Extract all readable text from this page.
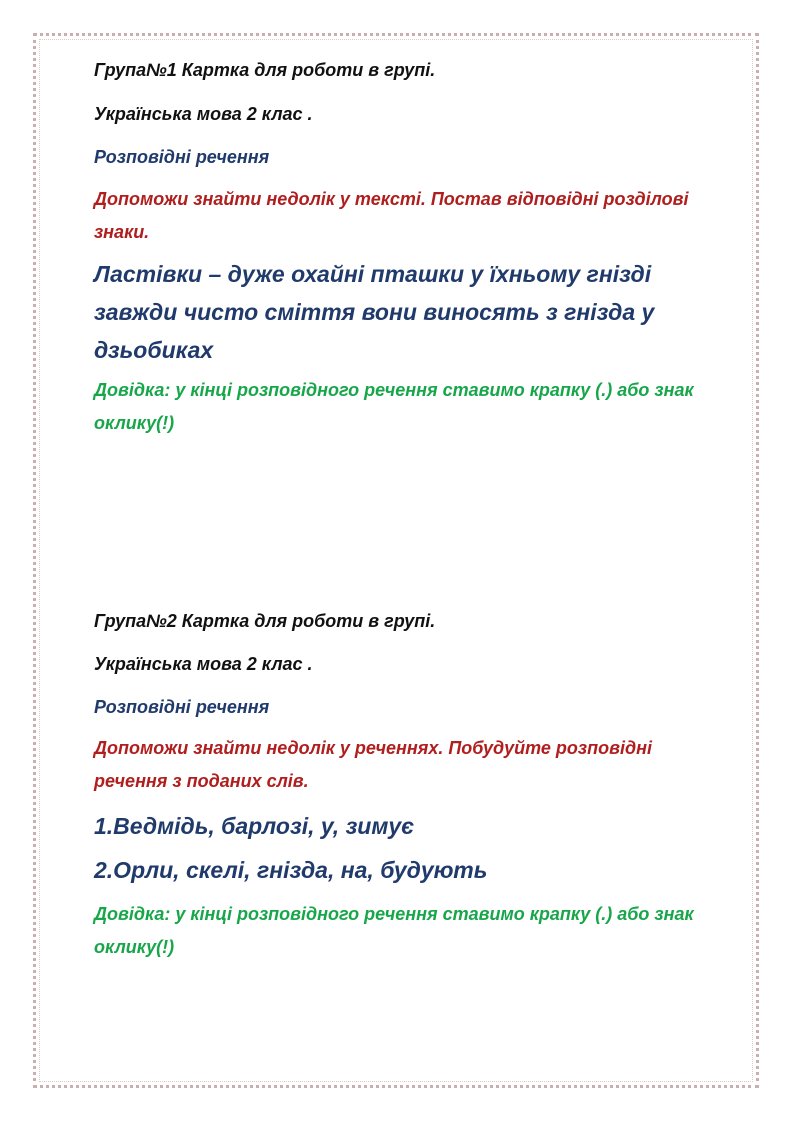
Група№1 Картка для роботи в групі.

Українська мова 2 клас .

Розповідні речення

Допоможи знайти недолік у тексті. Постав відповідні розділові знаки.

Ластівки – дуже охайні пташки у їхньому гнізді завжди чисто сміття вони виносять з гнізда у дзьобиках

Довідка: у кінці розповідного речення ставимо крапку (.) або знак оклику(!)

Група№2 Картка для роботи в групі.

Українська мова 2 клас .

Розповідні речення

Допоможи знайти недолік у реченнях. Побудуйте розповідні речення з поданих слів.

1.Ведмідь, барлозі, у, зимує

2.Орли, скелі, гнізда, на, будують

Довідка: у кінці розповідного речення ставимо крапку (.) або знак оклику(!)
